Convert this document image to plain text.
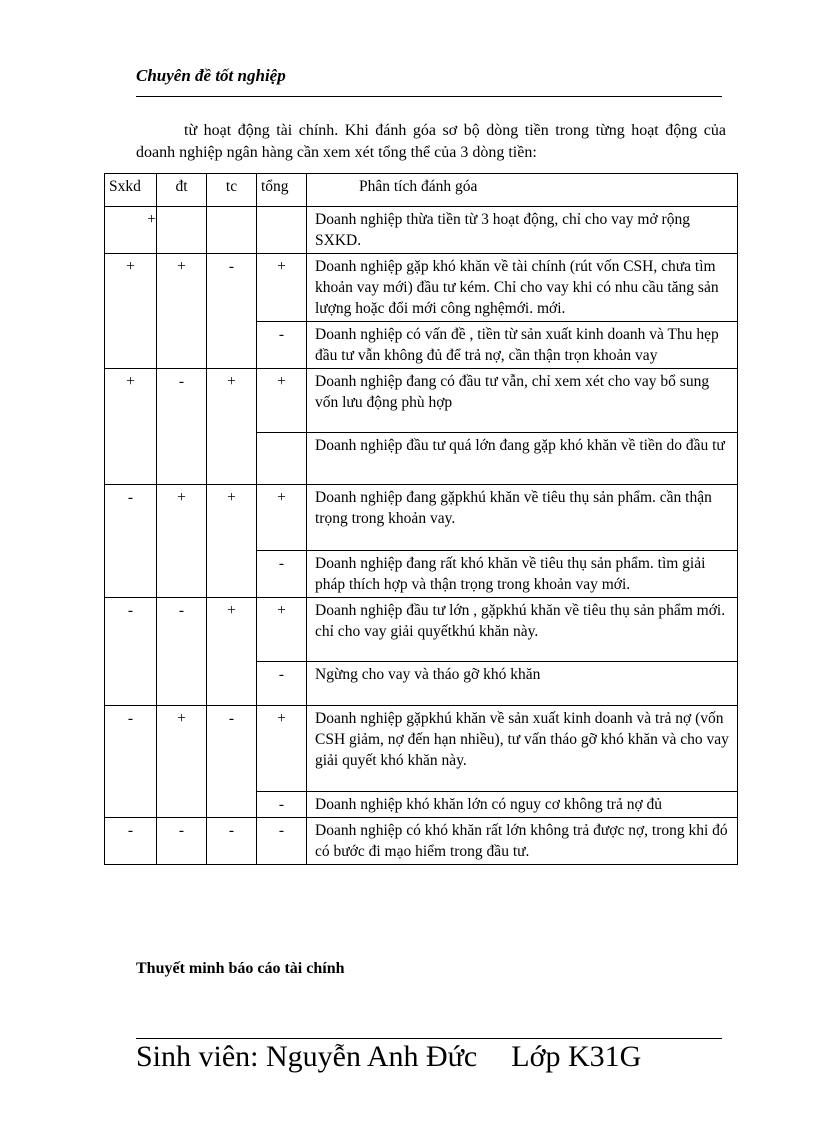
Chuyên đề tốt nghiệp
từ hoạt động tài chính. Khi đánh góa sơ bộ dòng tiền trong từng hoạt động của doanh nghiệp ngân hàng cần xem xét tổng thể của 3 dòng tiền:
Sxkd	đt	tc	tổng	Phân tích đánh góa
+				Doanh nghiệp thừa tiền từ 3 hoạt động, chỉ cho vay mở rộng SXKD.
+	+	-	+	Doanh nghiệp gặp khó khăn về tài chính (rút vốn CSH, chưa tìm khoản vay mới) đầu tư kém. Chỉ cho vay khi có nhu cầu tăng sản lượng hoặc đổi mới công nghệmới. mới.
			-	Doanh nghiệp có vấn đề , tiền từ sản xuất kinh doanh và Thu hẹp đầu tư vẫn không đủ để trả nợ, cần thận trọn khoản vay
+	-	+	+	Doanh nghiệp đang có đầu tư vẫn, chỉ xem xét cho vay bổ sung vốn lưu động phù hợp
				Doanh nghiệp đầu tư quá lớn đang gặp khó khăn về tiền do đầu tư
-	+	+	+	Doanh nghiệp đang gặpkhú khăn về tiêu thụ sản phẩm. cần thận trọng trong khoản vay.
			-	Doanh nghiệp đang rất khó khăn về tiêu thụ sản phẩm. tìm giải pháp thích hợp và thận trọng trong khoản vay mới.
-	-	+	+	Doanh nghiệp đầu tư lớn , gặpkhú khăn về tiêu thụ sản phẩm mới. chỉ cho vay giải quyếtkhú khăn này.
			-	Ngừng cho vay và tháo gỡ khó khăn
-	+	-	+	Doanh nghiệp gặpkhú khăn về sản xuất kinh doanh và trả nợ (vốn CSH giảm, nợ đến hạn nhiều), tư vấn tháo gỡ khó khăn và cho vay giải quyết khó khăn này.
			-	Doanh nghiệp khó khăn lớn có nguy cơ không trả nợ đủ
-	-	-	-	Doanh nghiệp có khó khăn rất lớn không trả được nợ, trong khi đó có bước đi mạo hiểm trong đầu tư.
Thuyết minh báo cáo tài chính
Sinh viên: Nguyễn Anh Đức Lớp K31G
